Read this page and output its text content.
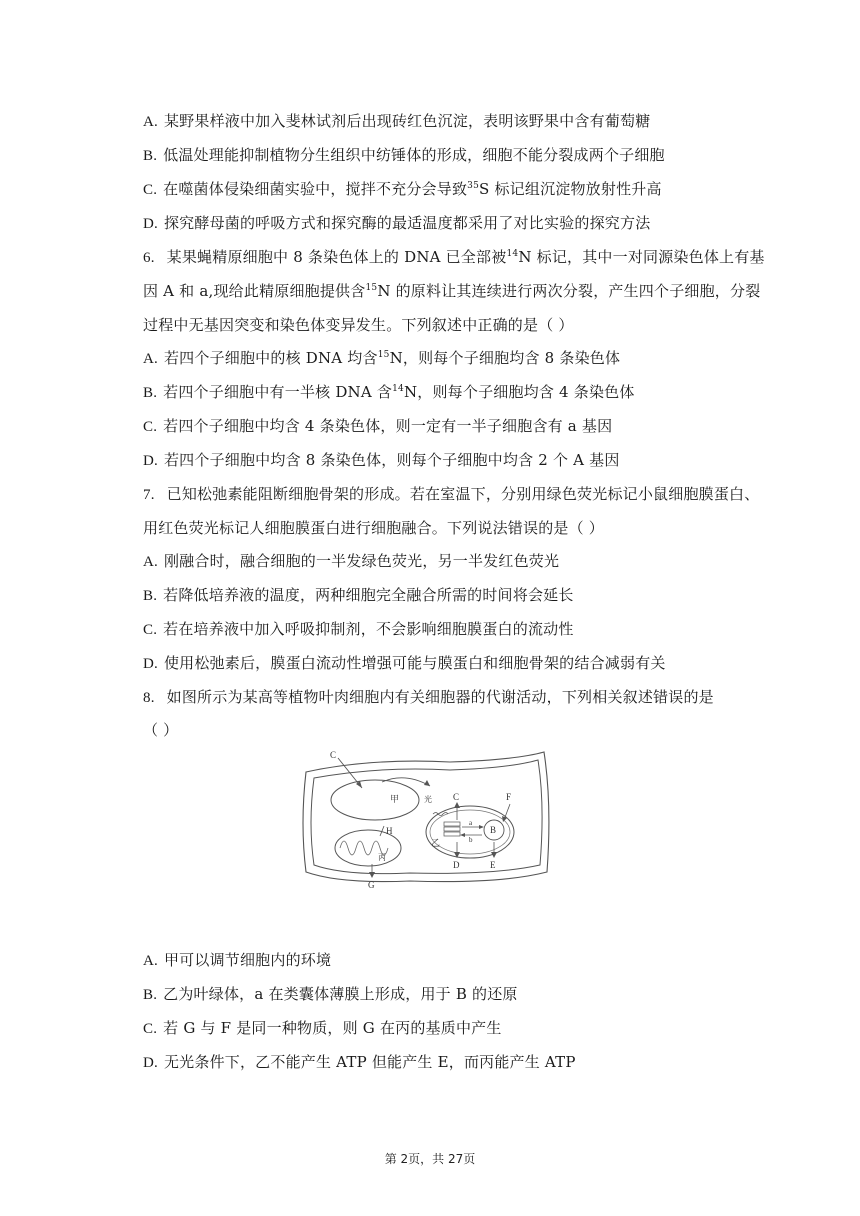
A. 某野果样液中加入斐林试剂后出现砖红色沉淀，表明该野果中含有葡萄糖
B. 低温处理能抑制植物分生组织中纺锤体的形成，细胞不能分裂成两个子细胞
C. 在噬菌体侵染细菌实验中，搅拌不充分会导致$^{35}$S 标记组沉淀物放射性升高
D. 探究酵母菌的呼吸方式和探究酶的最适温度都采用了对比实验的探究方法
6. 某果蝇精原细胞中 8 条染色体上的 DNA 已全部被$^{14}$N 标记，其中一对同源染色体上有基
因 A 和 a,现给此精原细胞提供含$^{15}$N 的原料让其连续进行两次分裂，产生四个子细胞，分裂
过程中无基因突变和染色体变异发生。下列叙述中正确的是（ ）
A. 若四个子细胞中的核 DNA 均含$^{15}$N，则每个子细胞均含 8 条染色体
B. 若四个子细胞中有一半核 DNA 含$^{14}$N，则每个子细胞均含 4 条染色体
C. 若四个子细胞中均含 4 条染色体，则一定有一半子细胞含有 a 基因
D. 若四个子细胞中均含 8 条染色体，则每个子细胞中均含 2 个 A 基因
7. 已知松弛素能阻断细胞骨架的形成。若在室温下，分别用绿色荧光标记小鼠细胞膜蛋白、
用红色荧光标记人细胞膜蛋白进行细胞融合。下列说法错误的是（ ）
A. 刚融合时，融合细胞的一半发绿色荧光，另一半发红色荧光
B. 若降低培养液的温度，两种细胞完全融合所需的时间将会延长
C. 若在培养液中加入呼吸抑制剂，不会影响细胞膜蛋白的流动性
D. 使用松弛素后，膜蛋白流动性增强可能与膜蛋白和细胞骨架的结合减弱有关
8. 如图所示为某高等植物叶肉细胞内有关细胞器的代谢活动，下列相关叙述错误的是
（ ）
C
甲	光 C	F
a
b
B
乙
D	E
H
丙
G
A. 甲可以调节细胞内的环境
B. 乙为叶绿体，a 在类囊体薄膜上形成，用于 B 的还原
C. 若 G 与 F 是同一种物质，则 G 在丙的基质中产生
D. 无光条件下，乙不能产生 ATP 但能产生 E，而丙能产生 ATP
第 2页，共 27页
